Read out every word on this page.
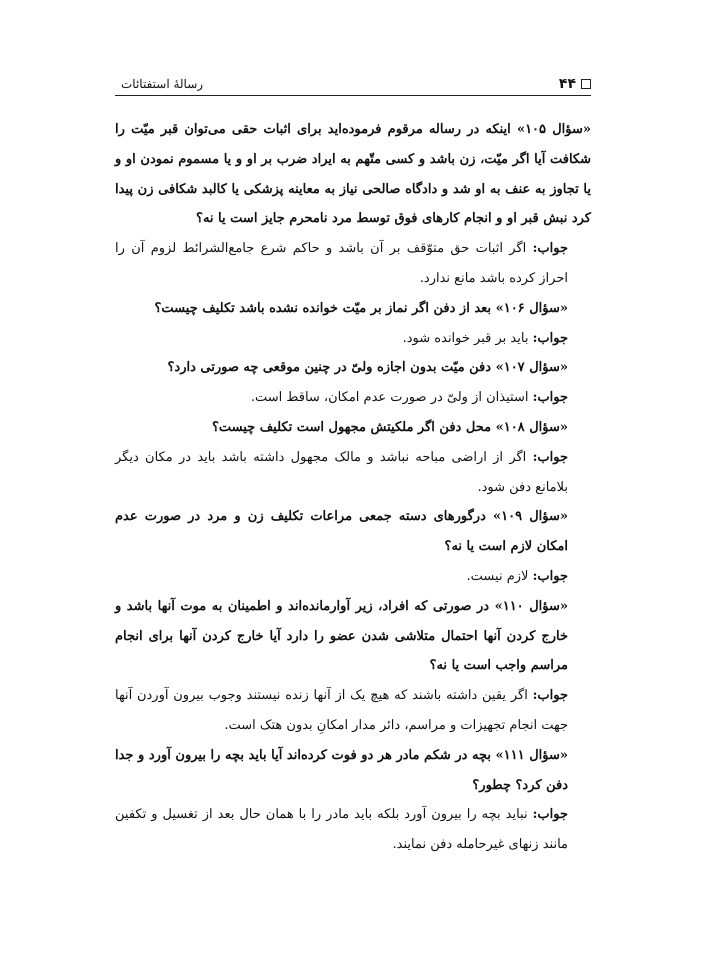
۴۴
رسالۀ استفتائات

«سؤال ۱۰۵» اینکه در رساله مرقوم فرموده‌اید برای اثبات حقی می‌توان قبر میّت را شکافت آیا اگر میّت، زن باشد و کسی متّهم به ایراد ضرب بر او و یا مسموم نمودن او و یا تجاوز به عنف به او شد و دادگاه صالحی نیاز به معاینه پزشکی یا کالبد شکافی زن پیدا کرد نبش قبر او و انجام کارهای فوق توسط مرد نامحرم جایز است یا نه؟

جواب: اگر اثبات حق متوّقف بر آن باشد و حاکم شرع جامع‌الشرائط لزوم آن را احراز کرده باشد مانع ندارد.

«سؤال ۱۰۶» بعد از دفن اگر نماز بر میّت خوانده نشده باشد تکلیف چیست؟

جواب: باید بر قبر خوانده شود.

«سؤال ۱۰۷» دفن میّت بدون اجازه ولیّ در چنین موقعی چه صورتی دارد؟

جواب: استیذان از ولیّ در صورت عدم امکان، ساقط است.

«سؤال ۱۰۸» محل دفن اگر ملکیتش مجهول است تکلیف چیست؟

جواب: اگر از اراضی مباحه نباشد و مالک مجهول داشته باشد باید در مکان دیگر بلامانع دفن شود.

«سؤال ۱۰۹» درگورهای دسته جمعی مراعات تکلیف زن و مرد در صورت عدم امکان لازم است یا نه؟

جواب: لازم نیست.

«سؤال ۱۱۰» در صورتی که افراد، زیر آوارمانده‌اند و اطمینان به موت آنها باشد و خارج کردن آنها احتمال متلاشی شدن عضو را دارد آیا خارج کردن آنها برای انجام مراسم واجب است یا نه؟

جواب: اگر یقین داشته باشند که هیچ یک از آنها زنده نیستند وجوب بیرون آوردن آنها جهت انجام تجهیزات و مراسم، دائر مدار امکانِ بدون هتک است.

«سؤال ۱۱۱» بچه در شکم مادر هر دو فوت کرده‌اند آیا باید بچه را بیرون آورد و جدا دفن کرد؟ چطور؟

جواب: نباید بچه را بیرون آورد بلکه باید مادر را با همان حال بعد از تغسیل و تکفین مانند زنهای غیرحامله دفن نمایند.
